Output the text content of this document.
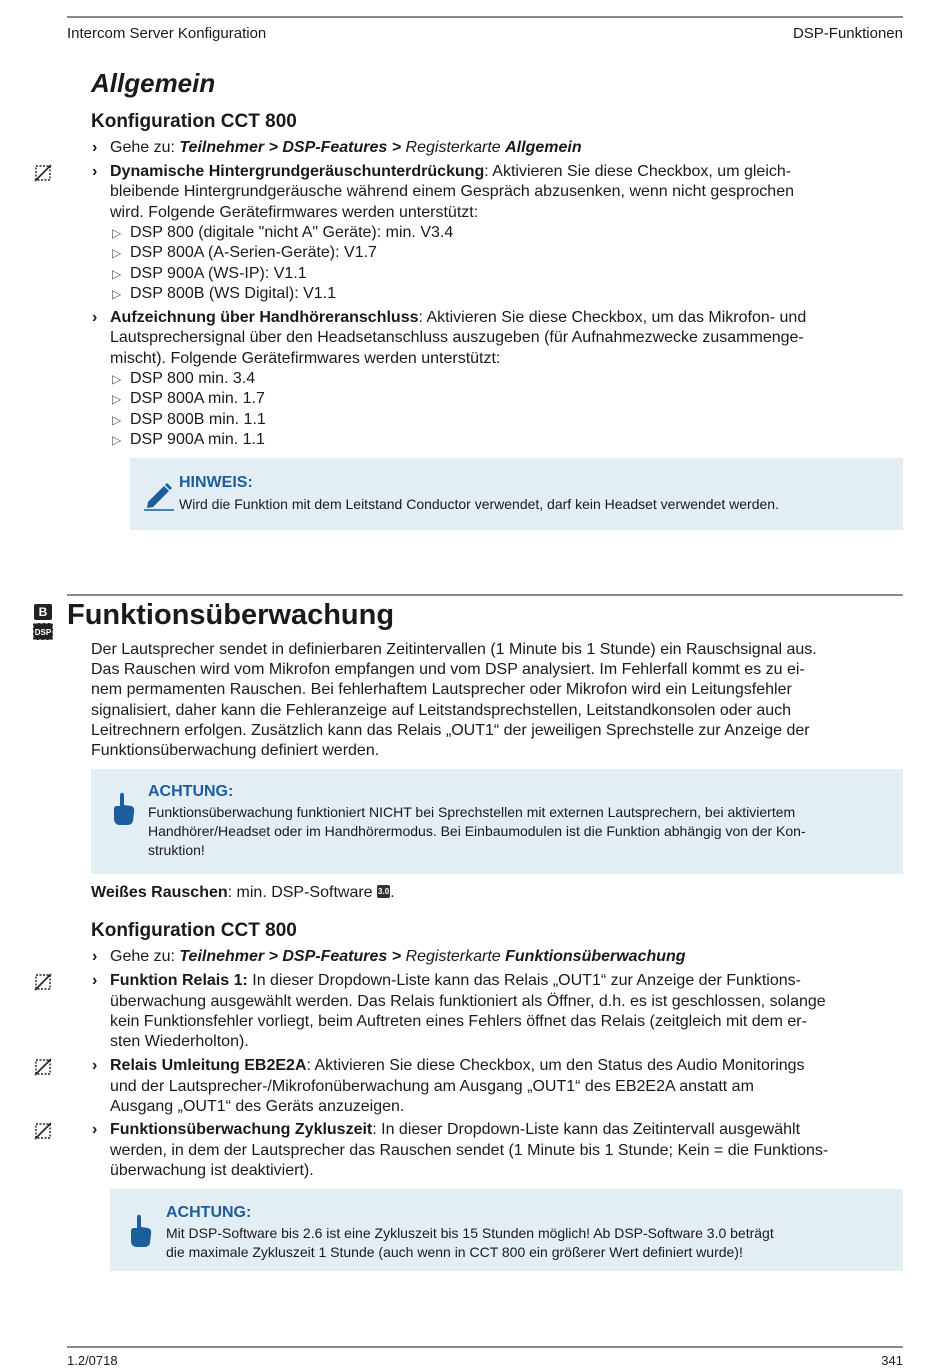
Intercom Server Konfiguration	DSP-Funktionen
Allgemein
Konfiguration CCT 800
› Gehe zu: Teilnehmer > DSP-Features > Registerkarte Allgemein
› Dynamische Hintergrundgeräuschunterdrückung: Aktivieren Sie diese Checkbox, um gleich-
bleibende Hintergrundgeräusche während einem Gespräch abzusenken, wenn nicht gesprochen
wird. Folgende Gerätefirmwares werden unterstützt:
▷ DSP 800 (digitale "nicht A" Geräte): min. V3.4
▷ DSP 800A (A-Serien-Geräte): V1.7
▷ DSP 900A (WS-IP): V1.1
▷ DSP 800B (WS Digital): V1.1
› Aufzeichnung über Handhöreranschluss: Aktivieren Sie diese Checkbox, um das Mikrofon- und
Lautsprechersignal über den Headsetanschluss auszugeben (für Aufnahmezwecke zusammenge-
mischt). Folgende Gerätefirmwares werden unterstützt:
▷ DSP 800 min. 3.4
▷ DSP 800A min. 1.7
▷ DSP 800B min. 1.1
▷ DSP 900A min. 1.1
HINWEIS:
Wird die Funktion mit dem Leitstand Conductor verwendet, darf kein Headset verwendet werden.
B
DSP
Funktionsüberwachung
Der Lautsprecher sendet in definierbaren Zeitintervallen (1 Minute bis 1 Stunde) ein Rauschsignal aus.
Das Rauschen wird vom Mikrofon empfangen und vom DSP analysiert. Im Fehlerfall kommt es zu ei-
nem permamenten Rauschen. Bei fehlerhaftem Lautsprecher oder Mikrofon wird ein Leitungsfehler
signalisiert, daher kann die Fehleranzeige auf Leitstandsprechstellen, Leitstandkonsolen oder auch
Leitrechnern erfolgen. Zusätzlich kann das Relais „OUT1“ der jeweiligen Sprechstelle zur Anzeige der
Funktionsüberwachung definiert werden.
ACHTUNG:
Funktionsüberwachung funktioniert NICHT bei Sprechstellen mit externen Lautsprechern, bei aktiviertem
Handhörer/Headset oder im Handhörermodus. Bei Einbaumodulen ist die Funktion abhängig von der Kon-
struktion!
Weißes Rauschen: min. DSP-Software 3.0.
Konfiguration CCT 800
› Gehe zu: Teilnehmer > DSP-Features > Registerkarte Funktionsüberwachung
› Funktion Relais 1: In dieser Dropdown-Liste kann das Relais „OUT1“ zur Anzeige der Funktions-
überwachung ausgewählt werden. Das Relais funktioniert als Öffner, d.h. es ist geschlossen, solange
kein Funktionsfehler vorliegt, beim Auftreten eines Fehlers öffnet das Relais (zeitgleich mit dem er-
sten Wiederholton).
› Relais Umleitung EB2E2A: Aktivieren Sie diese Checkbox, um den Status des Audio Monitorings
und der Lautsprecher-/Mikrofonüberwachung am Ausgang „OUT1“ des EB2E2A anstatt am
Ausgang „OUT1“ des Geräts anzuzeigen.
› Funktionsüberwachung Zykluszeit: In dieser Dropdown-Liste kann das Zeitintervall ausgewählt
werden, in dem der Lautsprecher das Rauschen sendet (1 Minute bis 1 Stunde; Kein = die Funktions-
überwachung ist deaktiviert).
ACHTUNG:
Mit DSP-Software bis 2.6 ist eine Zykluszeit bis 15 Stunden möglich! Ab DSP-Software 3.0 beträgt
die maximale Zykluszeit 1 Stunde (auch wenn in CCT 800 ein größerer Wert definiert wurde)!
1.2/0718	341
